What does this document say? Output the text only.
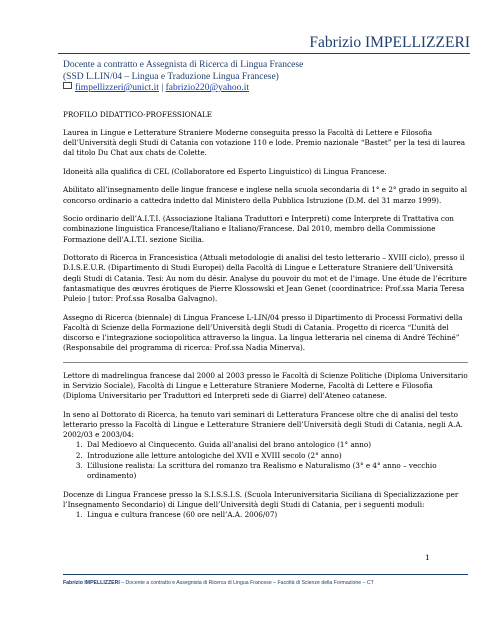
Fabrizio IMPELLIZZERI
Docente a contratto e Assegnista di Ricerca di Lingua Francese
(SSD L.LIN/04 – Lingua e Traduzione Lingua Francese)
fimpellizzeri@unict.it | fabrizio220@yahoo.it
PROFILO DIDATTICO-PROFESSIONALE

Laurea in Lingue e Letterature Straniere Moderne conseguita presso la Facoltà di Lettere e Filosofia dell’Università degli Studi di Catania con votazione 110 e lode. Premio nazionale “Bastet” per la tesi di laurea dal titolo Du Chat aux chats de Colette.

Idoneità alla qualifica di CEL (Collaboratore ed Esperto Linguistico) di Lingua Francese.

Abilitato all’insegnamento delle lingue francese e inglese nella scuola secondaria di 1° e 2° grado in seguito al concorso ordinario a cattedra indetto dal Ministero della Pubblica Istruzione (D.M. del 31 marzo 1999).

Socio ordinario dell’A.I.T.I. (Associazione Italiana Traduttori e Interpreti) come Interprete di Trattativa con combinazione linguistica Francese/Italiano e Italiano/Francese. Dal 2010, membro della Commissione Formazione dell’A.I.T.I. sezione Sicilia.

Dottorato di Ricerca in Francesistica (Attuali metodologie di analisi del testo letterario – XVIII ciclo), presso il D.I.S.E.U.R. (Dipartimento di Studi Europei) della Facoltà di Lingue e Letterature Straniere dell’Università degli Studi di Catania. Tesi: Au nom du désir. Analyse du pouvoir du mot et de l’image. Une étude de l’écriture fantasmatique des œuvres érotiques de Pierre Klossowski et Jean Genet (coordinatrice: Prof.ssa Maria Teresa Puleio | tutor: Prof.ssa Rosalba Galvagno).

Assegno di Ricerca (biennale) di Lingua Francese L-LIN/04 presso il Dipartimento di Processi Formativi della Facoltà di Scienze della Formazione dell’Università degli Studi di Catania. Progetto di ricerca “L’unità del discorso e l’integrazione sociopolitica attraverso la lingua. La lingua letteraria nel cinema di André Téchiné” (Responsabile del programma di ricerca: Prof.ssa Nadia Minerva).

Lettore di madrelingua francese dal 2000 al 2003 presso le Facoltà di Scienze Politiche (Diploma Universitario in Servizio Sociale), Facoltà di Lingue e Letterature Straniere Moderne, Facoltà di Lettere e Filosofia (Diploma Universitario per Traduttori ed Interpreti sede di Giarre) dell’Ateneo catanese.

In seno al Dottorato di Ricerca, ha tenuto vari seminari di Letteratura Francese oltre che di analisi del testo letterario presso la Facoltà di Lingue e Letterature Straniere dell’Università degli Studi di Catania, negli A.A. 2002/03 e 2003/04:

1. Dal Medioevo al Cinquecento. Guida all’analisi del brano antologico (1° anno)
2. Introduzione alle letture antologiche del XVII e XVIII secolo (2° anno)
3. L’illusione realista: La scrittura del romanzo tra Realismo e Naturalismo (3° e 4° anno – vecchio ordinamento)

Docenze di Lingua Francese presso la S.I.S.S.I.S. (Scuola Interuniversitaria Siciliana di Specializzazione per l’Insegnamento Secondario) di Lingue dell’Università degli Studi di Catania, per i seguenti moduli:

1. Lingua e cultura francese (60 ore nell’A.A. 2006/07)
1
Fabrizio IMPELLIZZERI – Docente a contratto e Assegnista di Ricerca di Lingua Francese – Facoltà di Scienze della Formazione – CT
